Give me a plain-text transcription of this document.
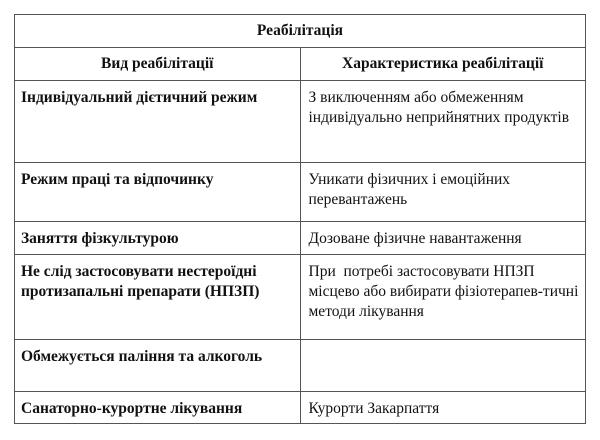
Реабілітація	
Вид реабілітації	Характеристика реабілітації
Індивідуальний дієтичний режим	З виключенням або обмеженням індивідуально неприйнятних продуктів
Режим праці та відпочинку	Уникати фізичних і емоційних перевантажень
Заняття фізкультурою	Дозоване фізичне навантаження
Не слід застосовувати нестероїдні протизапальні препарати (НПЗП)	При  потребі застосовувати НПЗП місцево або вибирати фізіотерапев-тичні методи лікування
Обмежується паління та алкоголь	
Санаторно-курортне лікування	Курорти Закарпаття
